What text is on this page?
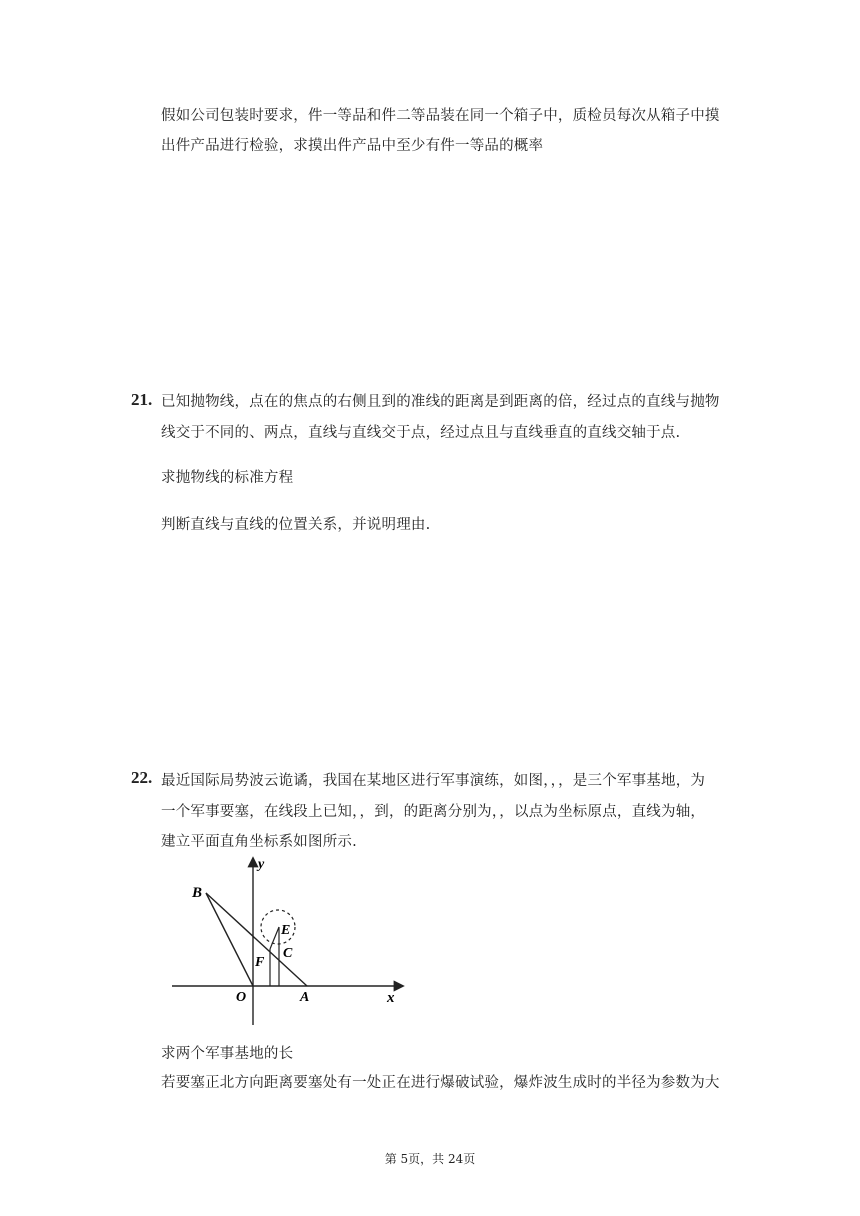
假如公司包装时要求，件一等品和件二等品装在同一个箱子中，质检员每次从箱子中摸
出件产品进行检验，求摸出件产品中至少有件一等品的概率
21. 已知抛物线，点在的焦点的右侧且到的准线的距离是到距离的倍，经过点的直线与抛物
线交于不同的、两点，直线与直线交于点，经过点且与直线垂直的直线交轴于点.
求抛物线的标准方程
判断直线与直线的位置关系，并说明理由.
22. 最近国际局势波云诡谲，我国在某地区进行军事演练，如图，，，是三个军事基地，为
一个军事要塞，在线段上已知，，到，的距离分别为，，以点为坐标原点，直线为轴，
建立平面直角坐标系如图所示.
y
x
B
E
C
F
O	A
求两个军事基地的长
若要塞正北方向距离要塞处有一处正在进行爆破试验，爆炸波生成时的半径为参数为大
第 5页，共 24页
